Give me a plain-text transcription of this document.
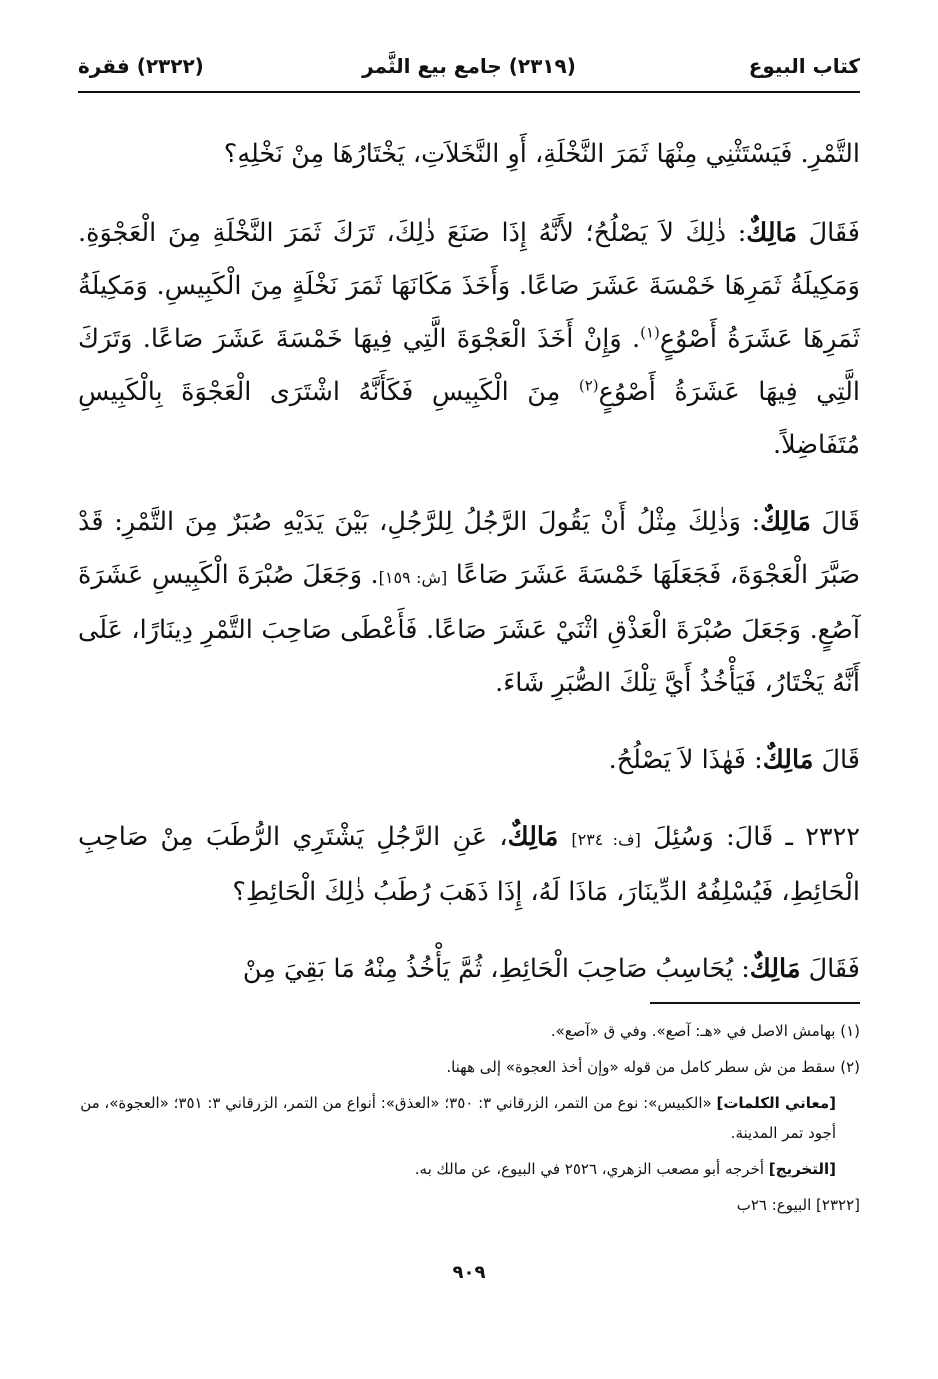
كتاب البيوع
(٢٣١٩) جامع بيع الثَّمر
(٢٣٢٢) فقرة

التَّمْرِ. فَيَسْتَثْنِي مِنْهَا ثَمَرَ النَّخْلَةِ، أَوِ النَّخَلاَتِ، يَخْتَارُهَا مِنْ نَخْلِهِ؟

فَقَالَ مَالِكٌ: ذٰلِكَ لاَ يَصْلُحُ؛ لأَنَّهُ إِذَا صَنَعَ ذٰلِكَ، تَرَكَ ثَمَرَ النَّخْلَةِ مِنَ الْعَجْوَةِ. وَمَكِيلَةُ ثَمَرِهَا خَمْسَةَ عَشَرَ صَاعًا. وَأَخَذَ مَكَانَهَا ثَمَرَ نَخْلَةٍ مِنَ الْكَبِيسِ. وَمَكِيلَةُ ثَمَرِهَا عَشَرَةُ أَصْوُعٍ$^{(١)}$. وَإِنْ أَخَذَ الْعَجْوَةَ الَّتِي فِيهَا خَمْسَةَ عَشَرَ صَاعًا. وَتَرَكَ الَّتِي فِيهَا عَشَرَةُ أَصْوُعٍ$^{(٢)}$ مِنَ الْكَبِيسِ فَكَأَنَّهُ اشْتَرَى الْعَجْوَةَ بِالْكَبِيسِ مُتَفَاضِلاً.

قَالَ مَالِكٌ: وَذٰلِكَ مِثْلُ أَنْ يَقُولَ الرَّجُلُ لِلرَّجُلِ، بَيْنَ يَدَيْهِ صُبَرٌ مِنَ التَّمْرِ: قَدْ صَبَّرَ الْعَجْوَةَ، فَجَعَلَهَا خَمْسَةَ عَشَرَ صَاعًا [ش: ١٥٩]. وَجَعَلَ صُبْرَةَ الْكَبِيسِ عَشَرَةَ آصُعٍ. وَجَعَلَ صُبْرَةَ الْعَذْقِ اثْنَيْ عَشَرَ صَاعًا. فَأَعْطَى صَاحِبَ التَّمْرِ دِينَارًا، عَلَى أَنَّهُ يَخْتَارُ، فَيَأْخُذُ أَيَّ تِلْكَ الصُّبَرِ شَاءَ.

قَالَ مَالِكٌ: فَهٰذَا لاَ يَصْلُحُ.

٢٣٢٢ ـ قَالَ: وَسُئِلَ [ف: ٢٣٤] مَالِكٌ، عَنِ الرَّجُلِ يَشْتَرِي الرُّطَبَ مِنْ صَاحِبِ الْحَائِطِ، فَيُسْلِفُهُ الدِّينَارَ، مَاذَا لَهُ، إِذَا ذَهَبَ رُطَبُ ذٰلِكَ الْحَائِطِ؟

فَقَالَ مَالِكٌ: يُحَاسِبُ صَاحِبَ الْحَائِطِ، ثُمَّ يَأْخُذُ مِنْهُ مَا بَقِيَ مِنْ

(١) بهامش الاصل في «هـ: آصع». وفي ق «آصع».

(٢) سقط من ش سطر كامل من قوله «وإن أخذ العجوة» إلى ههنا.

[معاني الكلمات] «الكبيس»: نوع من التمر، الزرقاني ٣: ٣٥٠؛ «العذق»: أنواع من التمر، الزرقاني ٣: ٣٥١؛ «العجوة»، من أجود تمر المدينة.

[التخريج] أخرجه أبو مصعب الزهري، ٢٥٢٦ في البيوع، عن مالك به.

[٢٣٢٢] البيوع: ٢٦ب

٩٠٩
